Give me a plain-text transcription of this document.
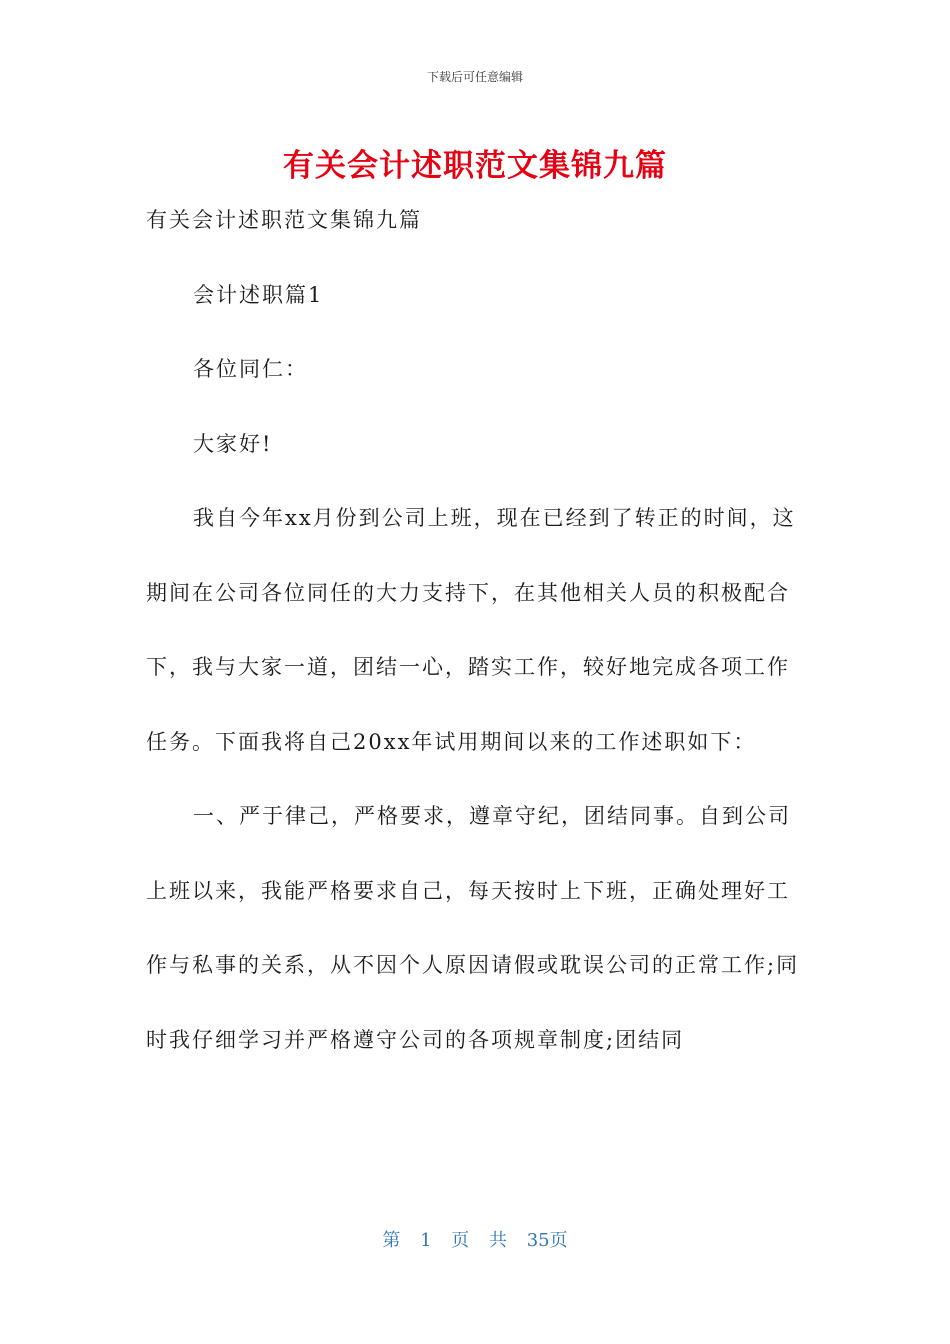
下载后可任意编辑
有关会计述职范文集锦九篇

有关会计述职范文集锦九篇

会计述职篇1

各位同仁：

大家好!

我自今年xx月份到公司上班，现在已经到了转正的时间，这期间在公司各位同任的大力支持下，在其他相关人员的积极配合下，我与大家一道，团结一心，踏实工作，较好地完成各项工作任务。下面我将自己20xx年试用期间以来的工作述职如下：

一、严于律己，严格要求，遵章守纪，团结同事。自到公司上班以来，我能严格要求自己，每天按时上下班，正确处理好工作与私事的关系，从不因个人原因请假或耽误公司的正常工作;同时我仔细学习并严格遵守公司的各项规章制度;团结同

第 1 页 共 35页
